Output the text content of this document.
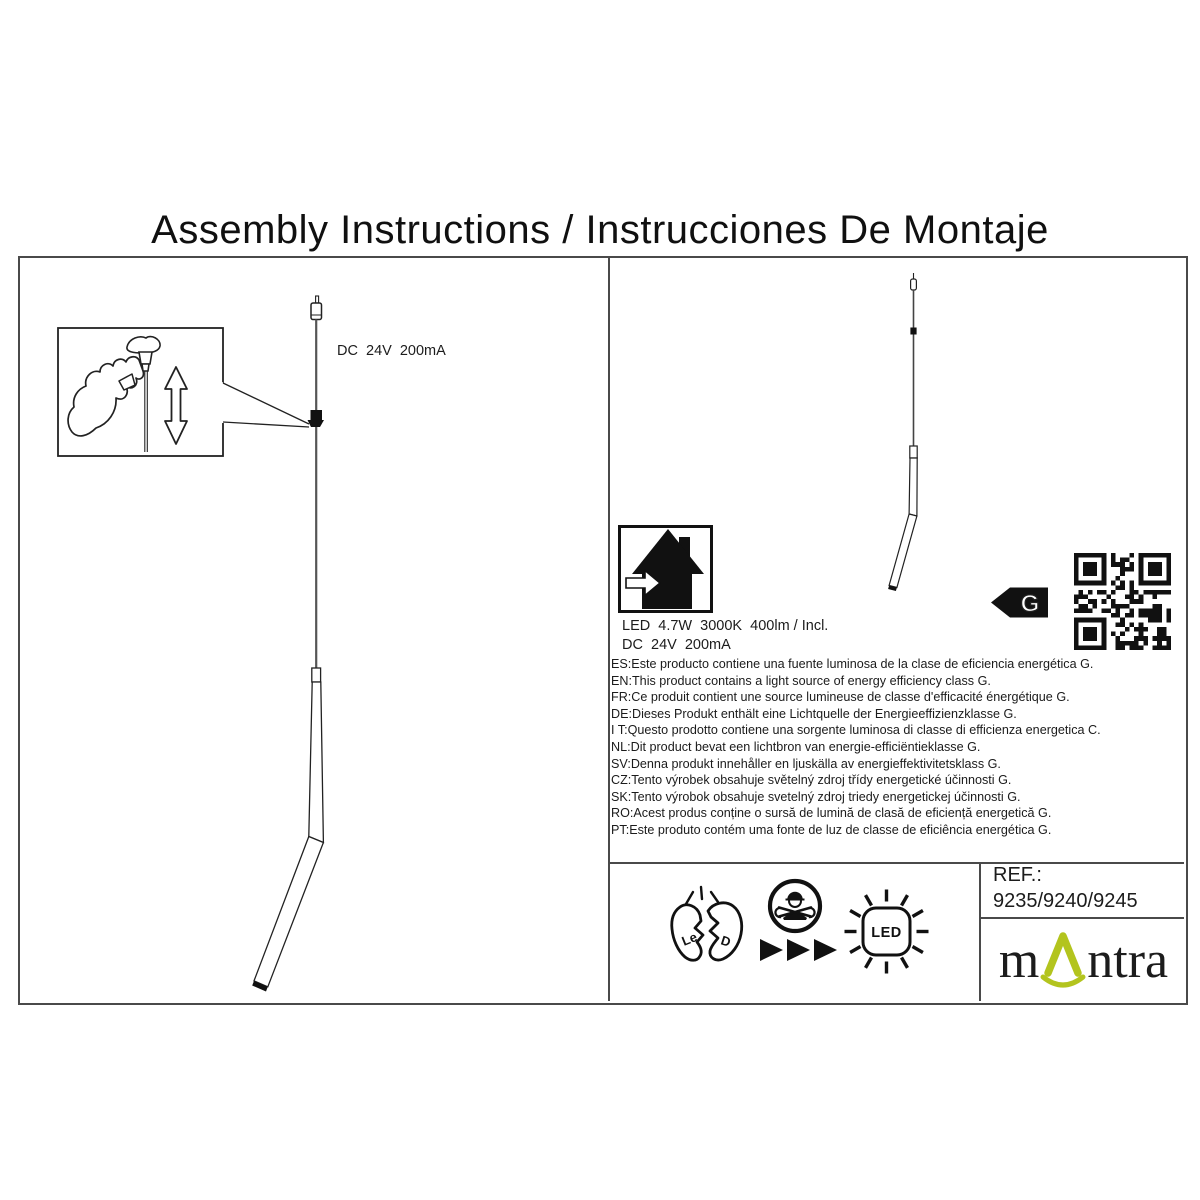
Assembly Instructions / Instrucciones De Montaje
DC  24V  200mA
G
LED  4.7W  3000K  400lm / Incl.
DC  24V  200mA
ES:Este producto contiene una fuente luminosa de la clase de eficiencia energética G.
EN:This product contains a light source of energy efficiency class G.
FR:Ce produit contient une source lumineuse de classe d'efficacité énergétique G.
DE:Dieses Produkt enthält eine Lichtquelle der Energieeffizienzklasse G.
I T:Questo prodotto contiene una sorgente luminosa di classe di efficienza energetica C.
NL:Dit product bevat een lichtbron van energie-efficiëntieklasse G.
SV:Denna produkt innehåller en ljuskälla av energieffektivitetsklass G.
CZ:Tento výrobek obsahuje světelný zdroj třídy energetické účinnosti G.
SK:Tento výrobok obsahuje svetelný zdroj triedy energetickej účinnosti G.
RO:Acest produs conține o sursă de lumină de clasă de eficiență energetică G.
PT:Este produto contém uma fonte de luz de classe de eficiência energética G.
Le D	LED
REF.:
9235/9240/9245
m ntra
